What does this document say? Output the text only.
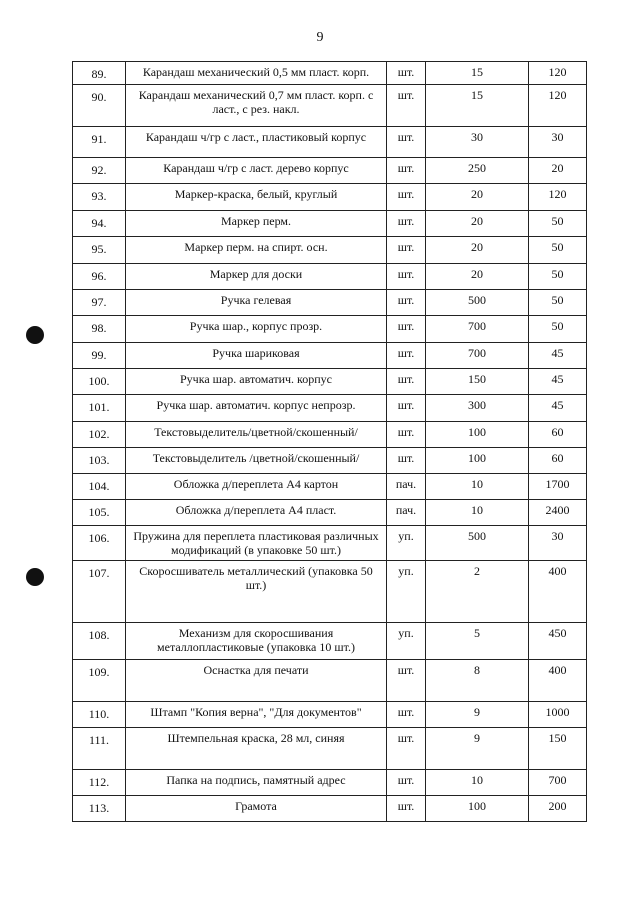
9
89.	Карандаш механический 0,5 мм пласт. корп.	шт.	15	120
90.	Карандаш механический 0,7 мм пласт. корп. с ласт., с рез. накл.	шт.	15	120
91.	Карандаш ч/гр с ласт., пластиковый корпус	шт.	30	30
92.	Карандаш ч/гр с ласт. дерево корпус	шт.	250	20
93.	Маркер-краска, белый, круглый	шт.	20	120
94.	Маркер перм.	шт.	20	50
95.	Маркер перм. на спирт. осн.	шт.	20	50
96.	Маркер для доски	шт.	20	50
97.	Ручка гелевая	шт.	500	50
98.	Ручка шар., корпус прозр.	шт.	700	50
99.	Ручка шариковая	шт.	700	45
100.	Ручка шар. автоматич. корпус	шт.	150	45
101.	Ручка шар. автоматич. корпус непрозр.	шт.	300	45
102.	Текстовыделитель/цветной/скошенный/	шт.	100	60
103.	Текстовыделитель /цветной/скошенный/	шт.	100	60
104.	Обложка д/переплета А4 картон	пач.	10	1700
105.	Обложка д/переплета А4 пласт.	пач.	10	2400
106.	Пружина для переплета пластиковая различных модификаций (в упаковке 50 шт.)	уп.	500	30
107.	Скоросшиватель металлический (упаковка 50 шт.)	уп.	2	400
108.	Механизм для скоросшивания металлопластиковые (упаковка 10 шт.)	уп.	5	450
109.	Оснастка для печати	шт.	8	400
110.	Штамп "Копия верна", "Для документов"	шт.	9	1000
111.	Штемпельная краска, 28 мл, синяя	шт.	9	150
112.	Папка на подпись, памятный адрес	шт.	10	700
113.	Грамота	шт.	100	200
